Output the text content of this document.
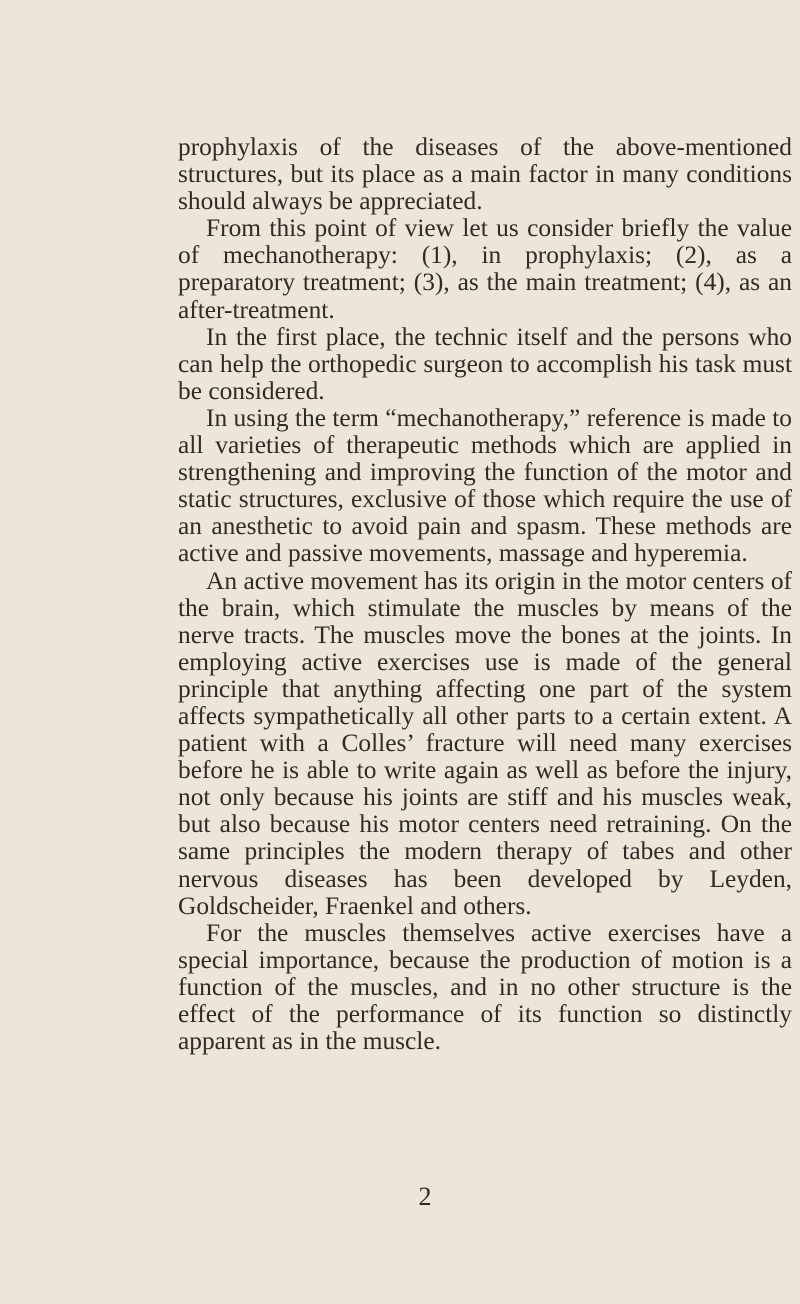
prophylaxis of the diseases of the above-mentioned structures, but its place as a main factor in many conditions should always be appreciated.

From this point of view let us consider briefly the value of mechanotherapy: (1), in prophylaxis; (2), as a preparatory treatment; (3), as the main treatment; (4), as an after-treatment.

In the first place, the technic itself and the persons who can help the orthopedic surgeon to accomplish his task must be considered.

In using the term “mechanotherapy,” reference is made to all varieties of therapeutic methods which are applied in strengthening and improving the function of the motor and static structures, exclusive of those which require the use of an anesthetic to avoid pain and spasm. These methods are active and passive movements, massage and hyperemia.

An active movement has its origin in the motor centers of the brain, which stimulate the muscles by means of the nerve tracts. The muscles move the bones at the joints. In employing active exercises use is made of the general principle that anything affecting one part of the system affects sympathetically all other parts to a certain extent. A patient with a Colles’ fracture will need many exercises before he is able to write again as well as before the injury, not only because his joints are stiff and his muscles weak, but also because his motor centers need retraining. On the same principles the modern therapy of tabes and other nervous diseases has been developed by Leyden, Goldscheider, Fraenkel and others.

For the muscles themselves active exercises have a special importance, because the production of motion is a function of the muscles, and in no other structure is the effect of the performance of its function so distinctly apparent as in the muscle.

2
